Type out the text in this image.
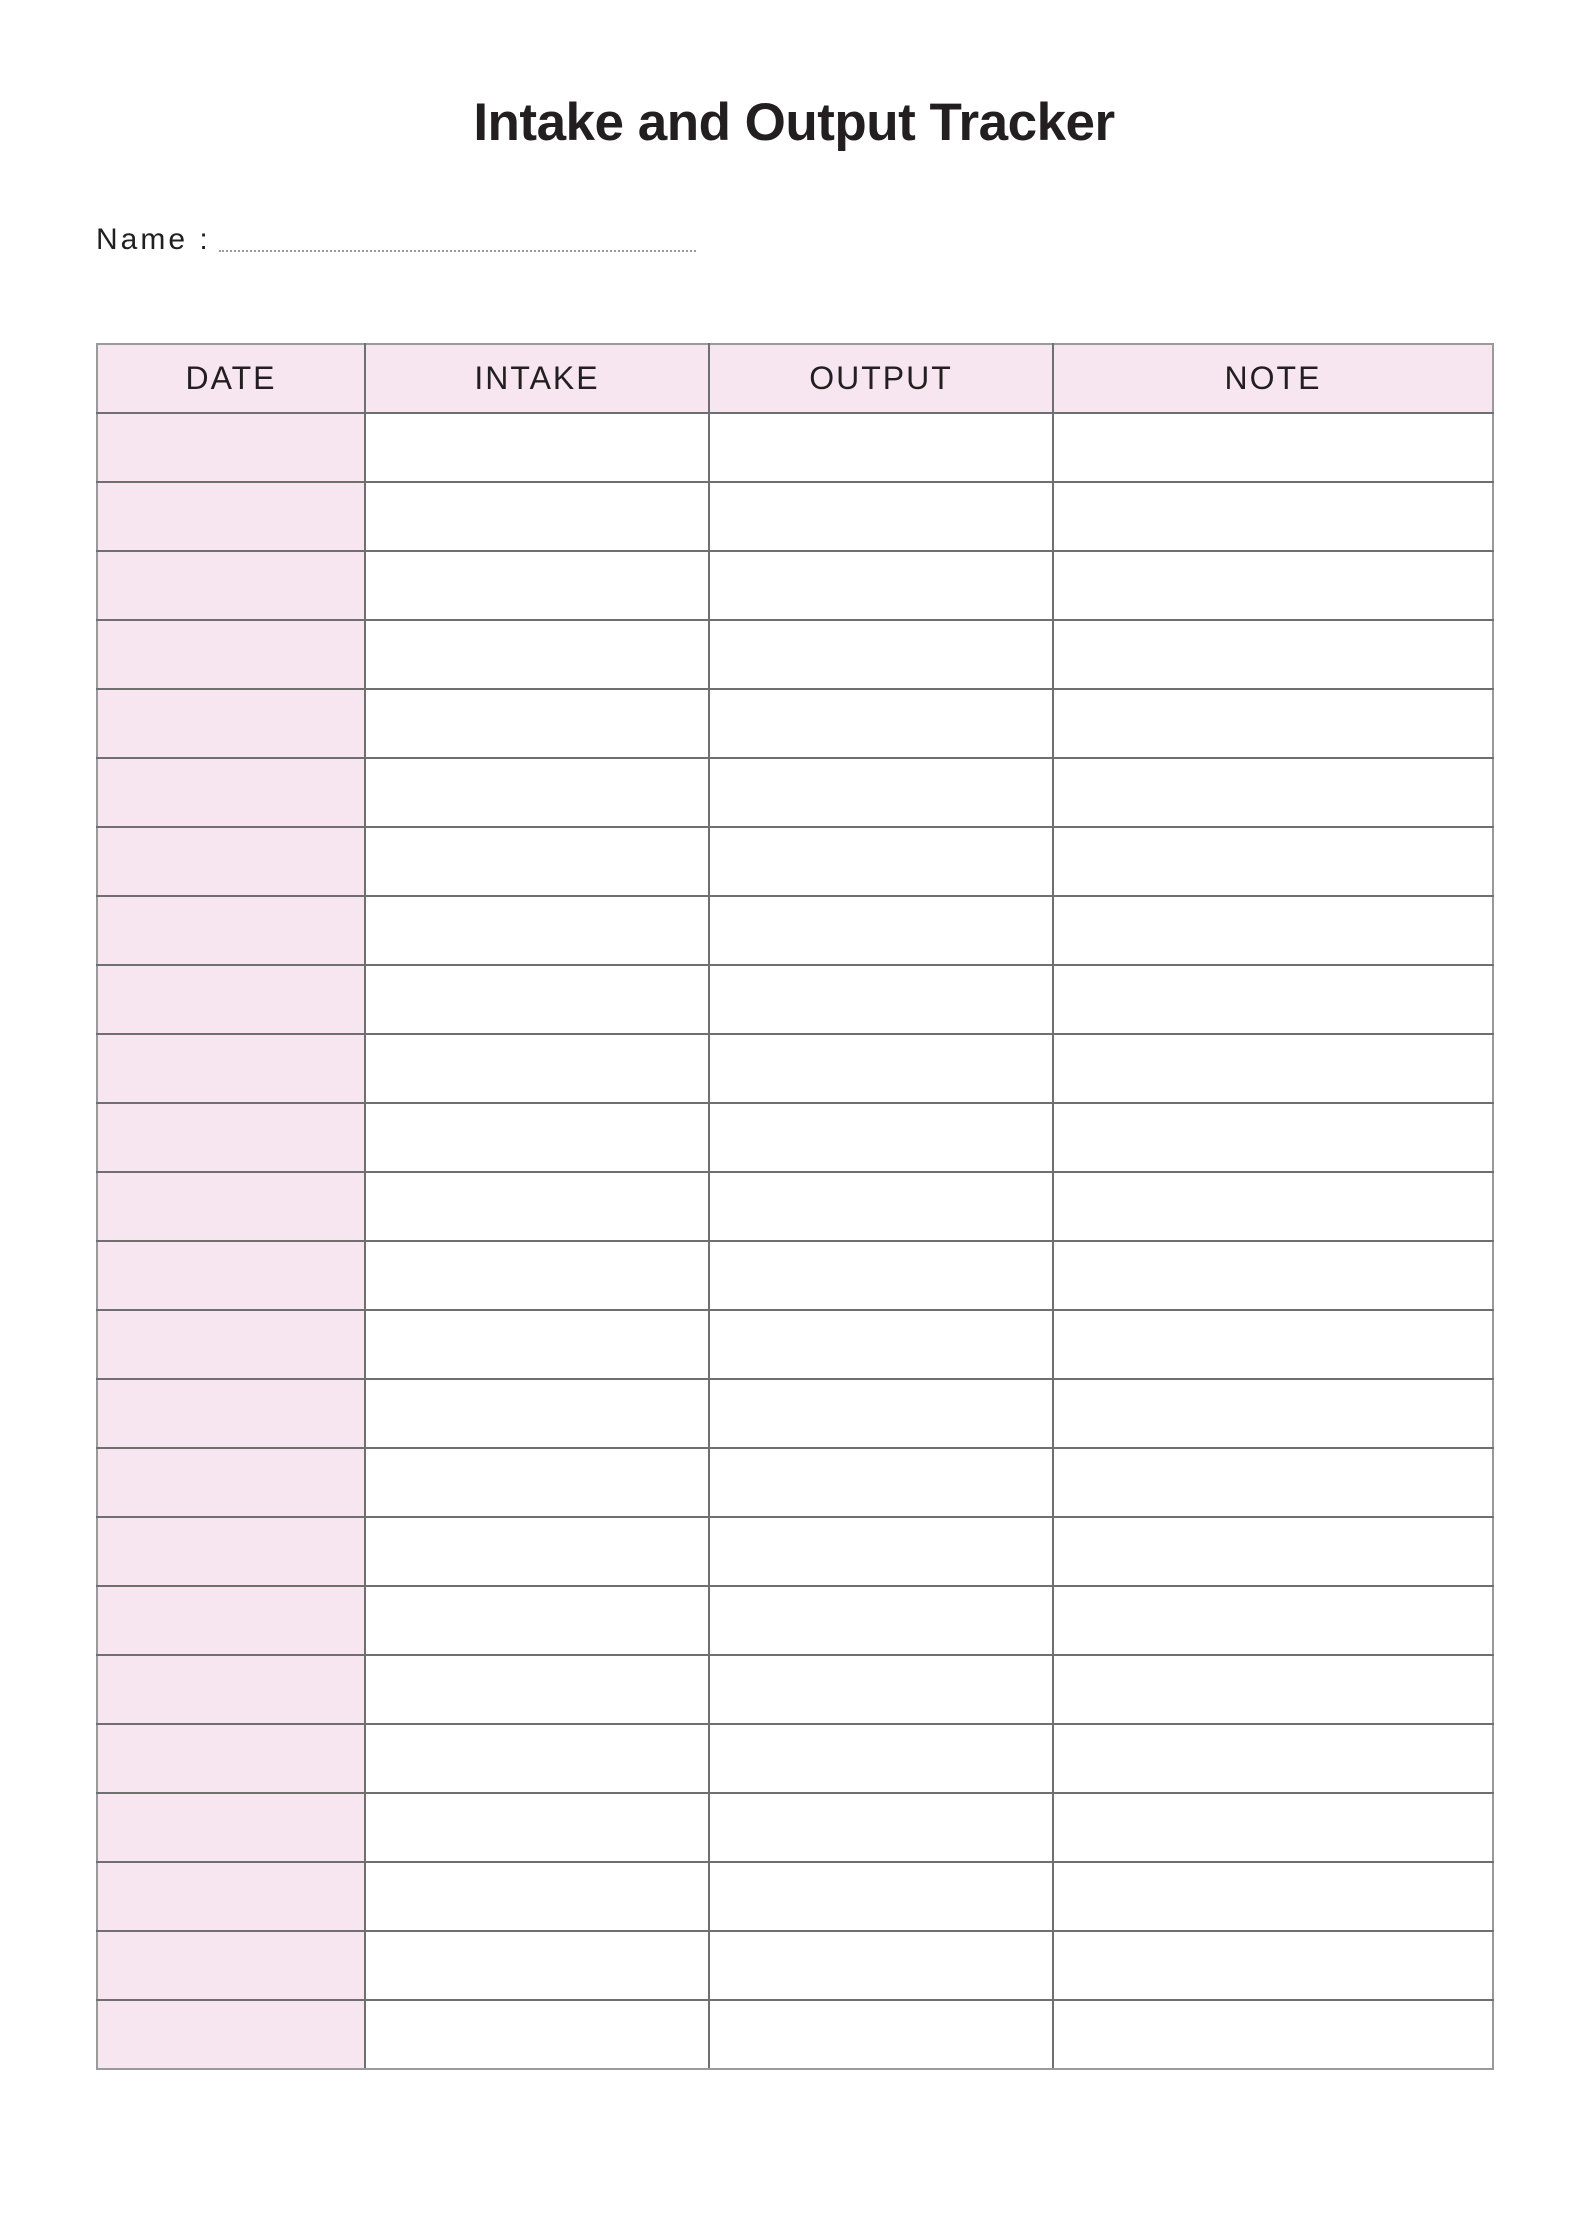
Intake and Output Tracker
Name :
DATE	INTAKE	OUTPUT	NOTE
